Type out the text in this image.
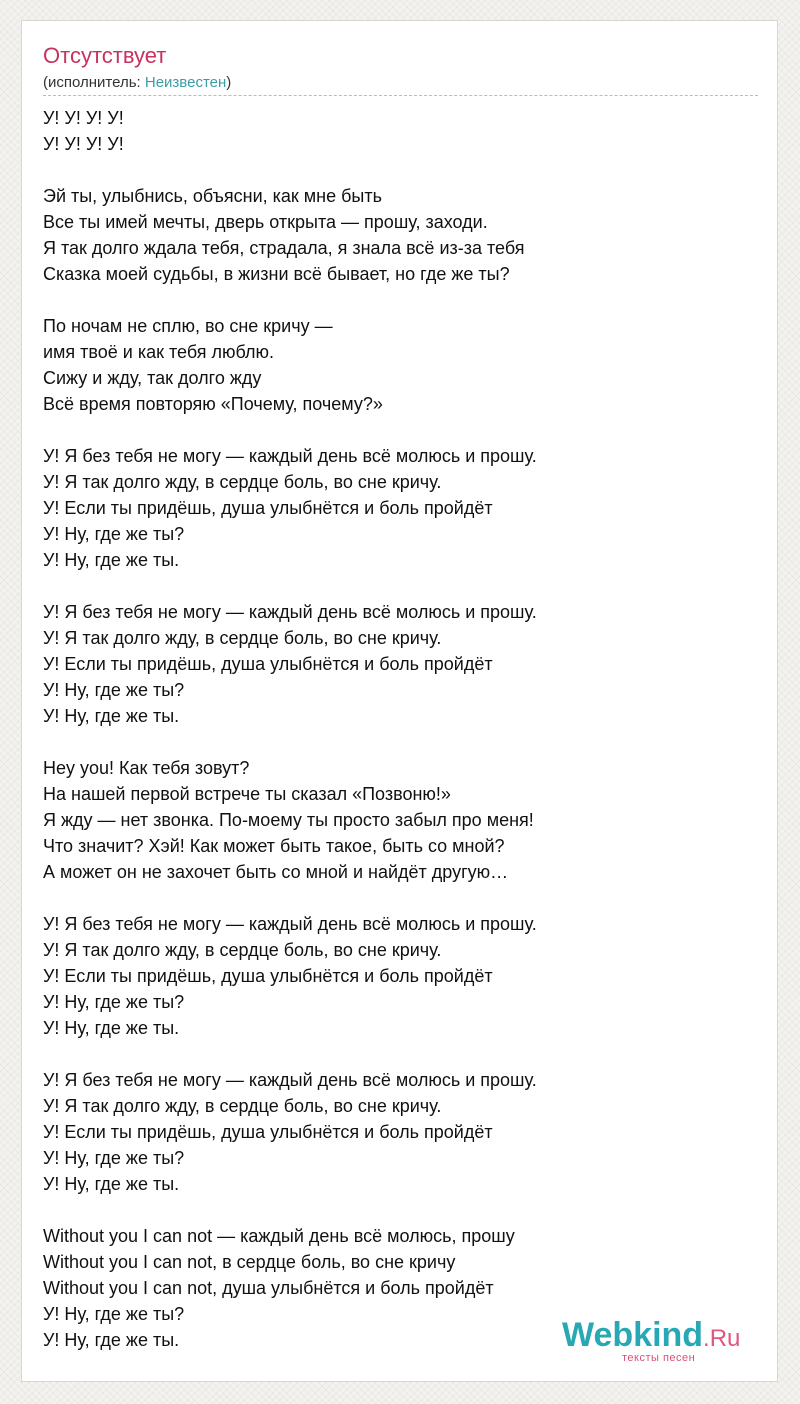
Отсутствует
(исполнитель: Неизвестен)
У! У! У! У!
У! У! У! У!
Эй ты, улыбнись, объясни, как мне быть
Все ты имей мечты, дверь открыта — прошу, заходи.
Я так долго ждала тебя, страдала, я знала всё из-за тебя
Сказка моей судьбы, в жизни всё бывает, но где же ты?
По ночам не сплю, во сне кричу —
имя твоё и как тебя люблю.
Сижу и жду, так долго жду
Всё время повторяю «Почему, почему?»
У! Я без тебя не могу — каждый день всё молюсь и прошу.
У! Я так долго жду, в сердце боль, во сне кричу.
У! Если ты придёшь, душа улыбнётся и боль пройдёт
У! Ну, где же ты?
У! Ну, где же ты.
У! Я без тебя не могу — каждый день всё молюсь и прошу.
У! Я так долго жду, в сердце боль, во сне кричу.
У! Если ты придёшь, душа улыбнётся и боль пройдёт
У! Ну, где же ты?
У! Ну, где же ты.
Hey you! Как тебя зовут?
На нашей первой встрече ты сказал «Позвоню!»
Я жду — нет звонка. По-моему ты просто забыл про меня!
Что значит? Хэй! Как может быть такое, быть со мной?
А может он не захочет быть со мной и найдёт другую…
У! Я без тебя не могу — каждый день всё молюсь и прошу.
У! Я так долго жду, в сердце боль, во сне кричу.
У! Если ты придёшь, душа улыбнётся и боль пройдёт
У! Ну, где же ты?
У! Ну, где же ты.
У! Я без тебя не могу — каждый день всё молюсь и прошу.
У! Я так долго жду, в сердце боль, во сне кричу.
У! Если ты придёшь, душа улыбнётся и боль пройдёт
У! Ну, где же ты?
У! Ну, где же ты.
Without you I can not — каждый день всё молюсь, прошу
Without you I can not, в сердце боль, во сне кричу
Without you I can not, душа улыбнётся и боль пройдёт
У! Ну, где же ты?
У! Ну, где же ты.	Webkind.Ru
тексты песен
